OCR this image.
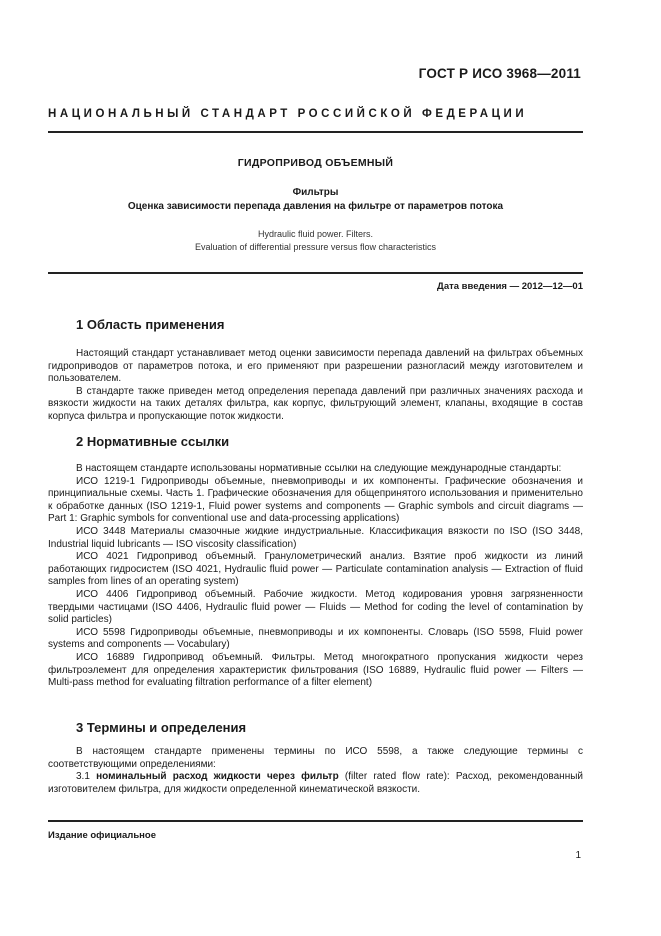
ГОСТ Р ИСО 3968—2011
НАЦИОНАЛЬНЫЙ СТАНДАРТ РОССИЙСКОЙ ФЕДЕРАЦИИ
ГИДРОПРИВОД ОБЪЕМНЫЙ
Фильтры
Оценка зависимости перепада давления на фильтре от параметров потока
Hydraulic fluid power. Filters.
Evaluation of differential pressure versus flow characteristics
Дата введения — 2012—12—01
1 Область применения

Настоящий стандарт устанавливает метод оценки зависимости перепада давлений на фильтрах объемных гидроприводов от параметров потока, и его применяют при разрешении разногласий между изготовителем и пользователем.

В стандарте также приведен метод определения перепада давлений при различных значениях расхода и вязкости жидкости на таких деталях фильтра, как корпус, фильтрующий элемент, клапаны, входящие в состав корпуса фильтра и пропускающие поток жидкости.

2 Нормативные ссылки

В настоящем стандарте использованы нормативные ссылки на следующие международные стандарты:

ИСО 1219-1 Гидроприводы объемные, пневмоприводы и их компоненты. Графические обозначения и принципиальные схемы. Часть 1. Графические обозначения для общепринятого использования и применительно к обработке данных (ISO 1219-1, Fluid power systems and components — Graphic symbols and circuit diagrams — Part 1: Graphic symbols for conventional use and data-processing applications)

ИСО 3448 Материалы смазочные жидкие индустриальные. Классификация вязкости по ISO (ISO 3448, Industrial liquid lubricants — ISO viscosity classification)

ИСО 4021 Гидропривод объемный. Гранулометрический анализ. Взятие проб жидкости из линий работающих гидросистем (ISO 4021, Hydraulic fluid power — Particulate contamination analysis — Extraction of fluid samples from lines of an operating system)

ИСО 4406 Гидропривод объемный. Рабочие жидкости. Метод кодирования уровня загрязненности твердыми частицами (ISO 4406, Hydraulic fluid power — Fluids — Method for coding the level of contamination by solid particles)

ИСО 5598 Гидроприводы объемные, пневмоприводы и их компоненты. Словарь (ISO 5598, Fluid power systems and components — Vocabulary)

ИСО 16889 Гидропривод объемный. Фильтры. Метод многократного пропускания жидкости через фильтроэлемент для определения характеристик фильтрования (ISO 16889, Hydraulic fluid power — Filters — Multi-pass method for evaluating filtration performance of a filter element)

3 Термины и определения

В настоящем стандарте применены термины по ИСО 5598, а также следующие термины с соответствующими определениями:

3.1 номинальный расход жидкости через фильтр (filter rated flow rate): Расход, рекомендованный изготовителем фильтра, для жидкости определенной кинематической вязкости.

Издание официальное
1
